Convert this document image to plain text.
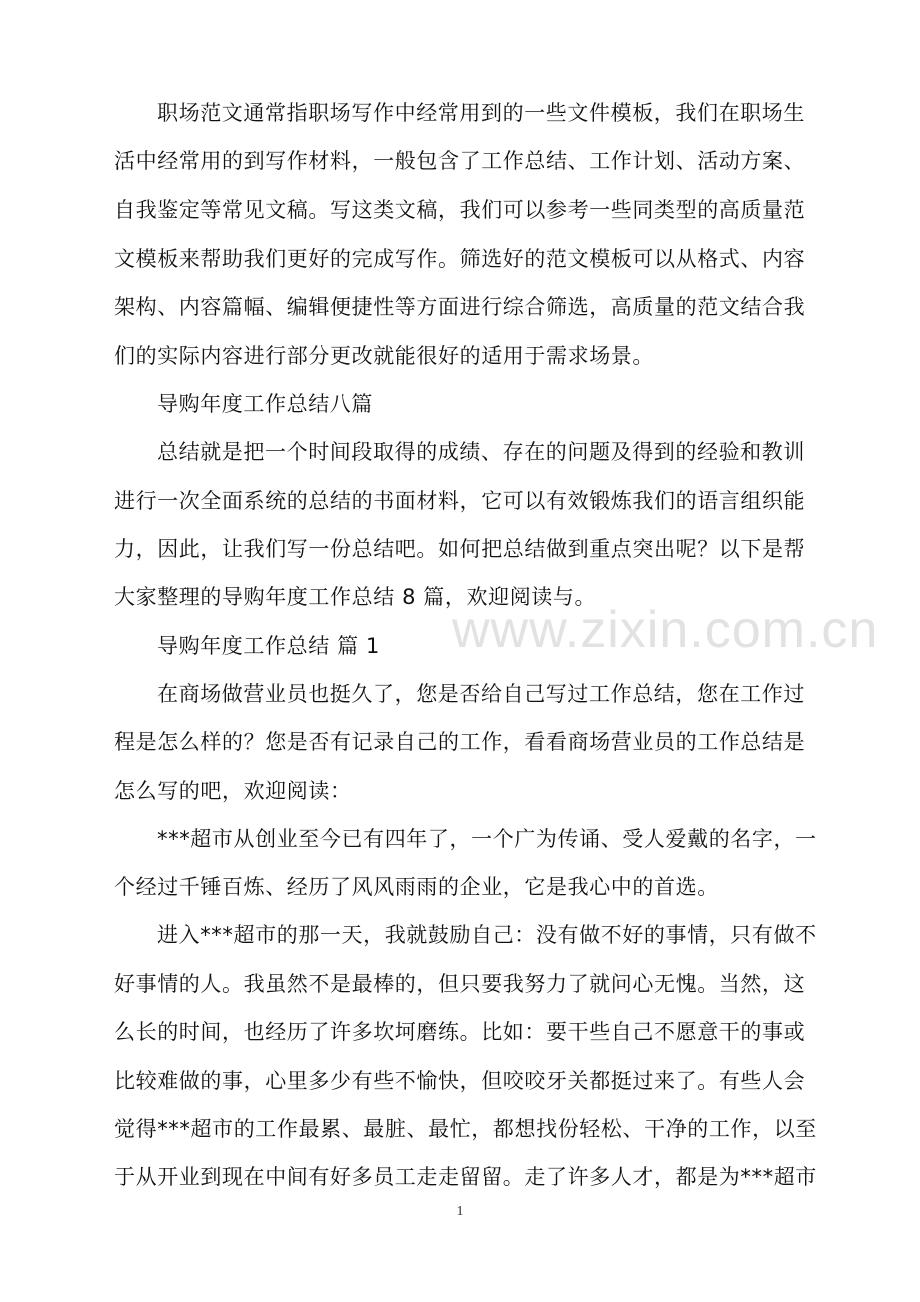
www.zixin.com.cn
职场范文通常指职场写作中经常用到的一些文件模板，我们在职场生
活中经常用的到写作材料，一般包含了工作总结、工作计划、活动方案、
自我鉴定等常见文稿。写这类文稿，我们可以参考一些同类型的高质量范
文模板来帮助我们更好的完成写作。筛选好的范文模板可以从格式、内容
架构、内容篇幅、编辑便捷性等方面进行综合筛选，高质量的范文结合我
们的实际内容进行部分更改就能很好的适用于需求场景。
导购年度工作总结八篇
总结就是把一个时间段取得的成绩、存在的问题及得到的经验和教训
进行一次全面系统的总结的书面材料，它可以有效锻炼我们的语言组织能
力，因此，让我们写一份总结吧。如何把总结做到重点突出呢？以下是帮
大家整理的导购年度工作总结 8 篇，欢迎阅读与。
导购年度工作总结 篇 1
在商场做营业员也挺久了，您是否给自己写过工作总结，您在工作过
程是怎么样的？您是否有记录自己的工作，看看商场营业员的工作总结是
怎么写的吧，欢迎阅读：
***超市从创业至今已有四年了，一个广为传诵、受人爱戴的名字，一
个经过千锤百炼、经历了风风雨雨的企业，它是我心中的首选。
进入***超市的那一天，我就鼓励自己：没有做不好的事情，只有做不
好事情的人。我虽然不是最棒的，但只要我努力了就问心无愧。当然，这
么长的时间，也经历了许多坎坷磨练。比如：要干些自己不愿意干的事或
比较难做的事，心里多少有些不愉快，但咬咬牙关都挺过来了。有些人会
觉得***超市的工作最累、最脏、最忙，都想找份轻松、干净的工作，以至
于从开业到现在中间有好多员工走走留留。走了许多人才，都是为***超市
1
